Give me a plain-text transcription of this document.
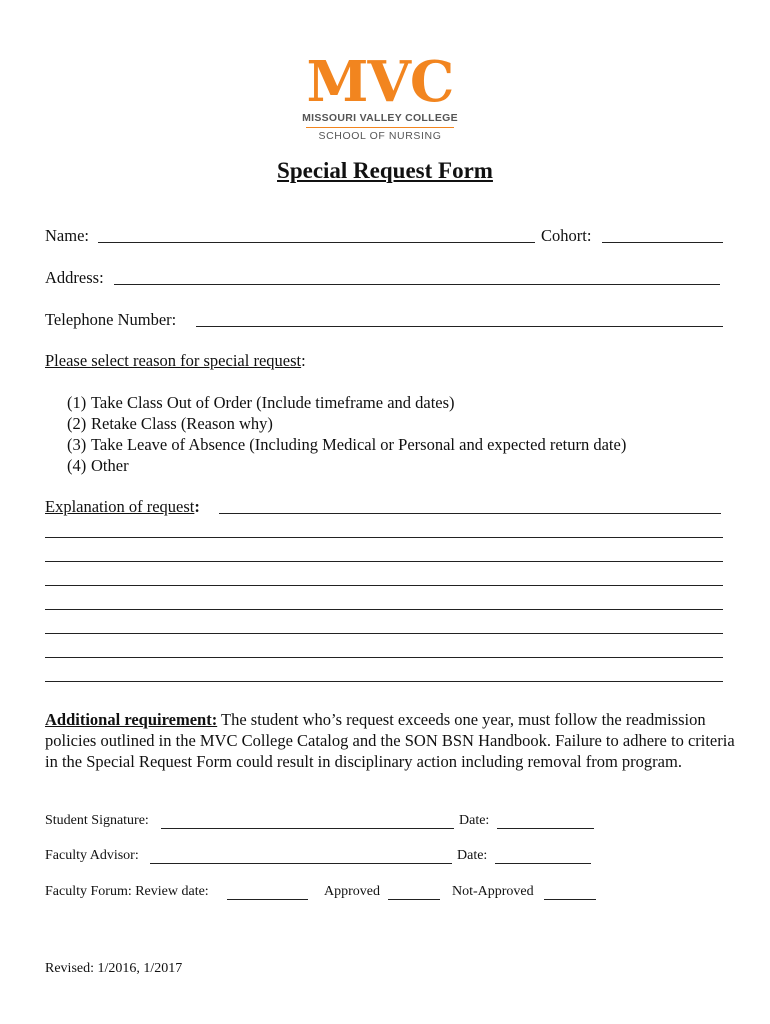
MVC
MISSOURI VALLEY COLLEGE
SCHOOL OF NURSING
Special Request Form
Name:	Cohort:
Address:
Telephone Number:
Please select reason for special request:
(1) Take Class Out of Order (Include timeframe and dates)
(2) Retake Class (Reason why)
(3) Take Leave of Absence (Including Medical or Personal and expected return date)
(4) Other
Explanation of request:
Additional requirement: The student who’s request exceeds one year, must follow the readmission policies outlined in the MVC College Catalog and the SON BSN Handbook. Failure to adhere to criteria in the Special Request Form could result in disciplinary action including removal from program.
Student Signature:	Date:
Faculty Advisor:	Date:
Faculty Forum: Review date:	Approved	Not-Approved
Revised: 1/2016, 1/2017
